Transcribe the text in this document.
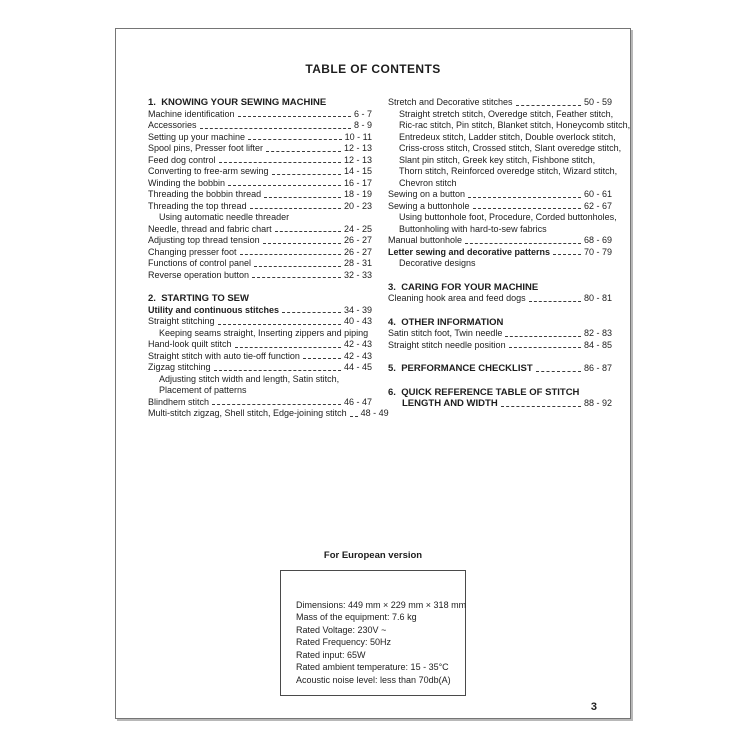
TABLE OF CONTENTS
1.  KNOWING YOUR SEWING MACHINE
Machine identification	6 - 7
Accessories	8 - 9
Setting up your machine	10 - 11
Spool pins, Presser foot lifter	12 - 13
Feed dog control	12 - 13
Converting to free-arm sewing	14 - 15
Winding the bobbin	16 - 17
Threading the bobbin thread	18 - 19
Threading the top thread	20 - 23
Using automatic needle threader
Needle, thread and fabric chart	24 - 25
Adjusting top thread tension	26 - 27
Changing presser foot	26 - 27
Functions of control panel	28 - 31
Reverse operation button	32 - 33
2.  STARTING TO SEW
Utility and continuous stitches	34 - 39
Straight stitching	40 - 43
Keeping seams straight, Inserting zippers and piping
Hand-look quilt stitch	42 - 43
Straight stitch with auto tie-off function	42 - 43
Zigzag stitching	44 - 45
Adjusting stitch width and length, Satin stitch,
Placement of patterns
Blindhem stitch	46 - 47
Multi-stitch zigzag, Shell stitch, Edge-joining stitch 48 - 49
Stretch and Decorative stitches	50 - 59
Straight stretch stitch, Overedge stitch, Feather stitch,
Ric-rac stitch, Pin stitch, Blanket stitch, Honeycomb stitch,
Entredeux stitch, Ladder stitch, Double overlock stitch,
Criss-cross stitch, Crossed stitch, Slant overedge stitch,
Slant pin stitch, Greek key stitch, Fishbone stitch,
Thorn stitch, Reinforced overedge stitch, Wizard stitch,
Chevron stitch
Sewing on a button	60 - 61
Sewing a buttonhole	62 - 67
Using buttonhole foot, Procedure, Corded buttonholes,
Buttonholing with hard-to-sew fabrics
Manual buttonhole	68 - 69
Letter sewing and decorative patterns	70 - 79
Decorative designs
3.  CARING FOR YOUR MACHINE
Cleaning hook area and feed dogs	80 - 81
4.  OTHER INFORMATION
Satin stitch foot, Twin needle	82 - 83
Straight stitch needle position	84 - 85
5.  PERFORMANCE CHECKLIST	86 - 87
6.  QUICK REFERENCE TABLE OF STITCH
LENGTH AND WIDTH	88 - 92
For European version
Dimensions: 449 mm × 229 mm × 318 mm
Mass of the equipment: 7.6 kg
Rated Voltage: 230V ~
Rated Frequency: 50Hz
Rated input: 65W
Rated ambient temperature: 15 - 35°C
Acoustic noise level: less than 70db(A)
3
